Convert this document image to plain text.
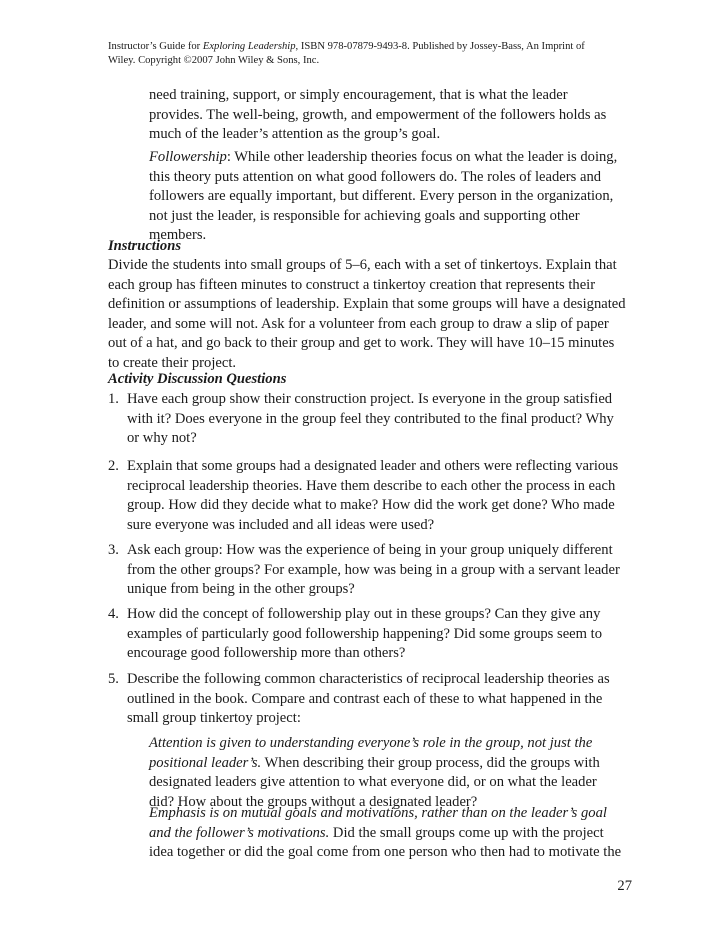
Instructor’s Guide for Exploring Leadership, ISBN 978-07879-9493-8. Published by Jossey-Bass, An Imprint of
Wiley. Copyright ©2007 John Wiley & Sons, Inc.
need training, support, or simply encouragement, that is what the leader provides. The well-being, growth, and empowerment of the followers holds as much of the leader’s attention as the group’s goal.
Followership: While other leadership theories focus on what the leader is doing, this theory puts attention on what good followers do. The roles of leaders and followers are equally important, but different. Every person in the organization, not just the leader, is responsible for achieving goals and supporting other members.
Instructions
Divide the students into small groups of 5–6, each with a set of tinkertoys. Explain that each group has fifteen minutes to construct a tinkertoy creation that represents their definition or assumptions of leadership. Explain that some groups will have a designated leader, and some will not. Ask for a volunteer from each group to draw a slip of paper out of a hat, and go back to their group and get to work. They will have 10–15 minutes to create their project.
Activity Discussion Questions
1. Have each group show their construction project. Is everyone in the group satisfied with it? Does everyone in the group feel they contributed to the final product? Why or why not?
2. Explain that some groups had a designated leader and others were reflecting various reciprocal leadership theories. Have them describe to each other the process in each group. How did they decide what to make? How did the work get done? Who made sure everyone was included and all ideas were used?
3. Ask each group: How was the experience of being in your group uniquely different from the other groups? For example, how was being in a group with a servant leader unique from being in the other groups?
4. How did the concept of followership play out in these groups? Can they give any examples of particularly good followership happening? Did some groups seem to encourage good followership more than others?
5. Describe the following common characteristics of reciprocal leadership theories as outlined in the book. Compare and contrast each of these to what happened in the small group tinkertoy project:
Attention is given to understanding everyone’s role in the group, not just the positional leader’s. When describing their group process, did the groups with designated leaders give attention to what everyone did, or on what the leader did? How about the groups without a designated leader?
Emphasis is on mutual goals and motivations, rather than on the leader’s goal and the follower’s motivations. Did the small groups come up with the project idea together or did the goal come from one person who then had to motivate the
27
